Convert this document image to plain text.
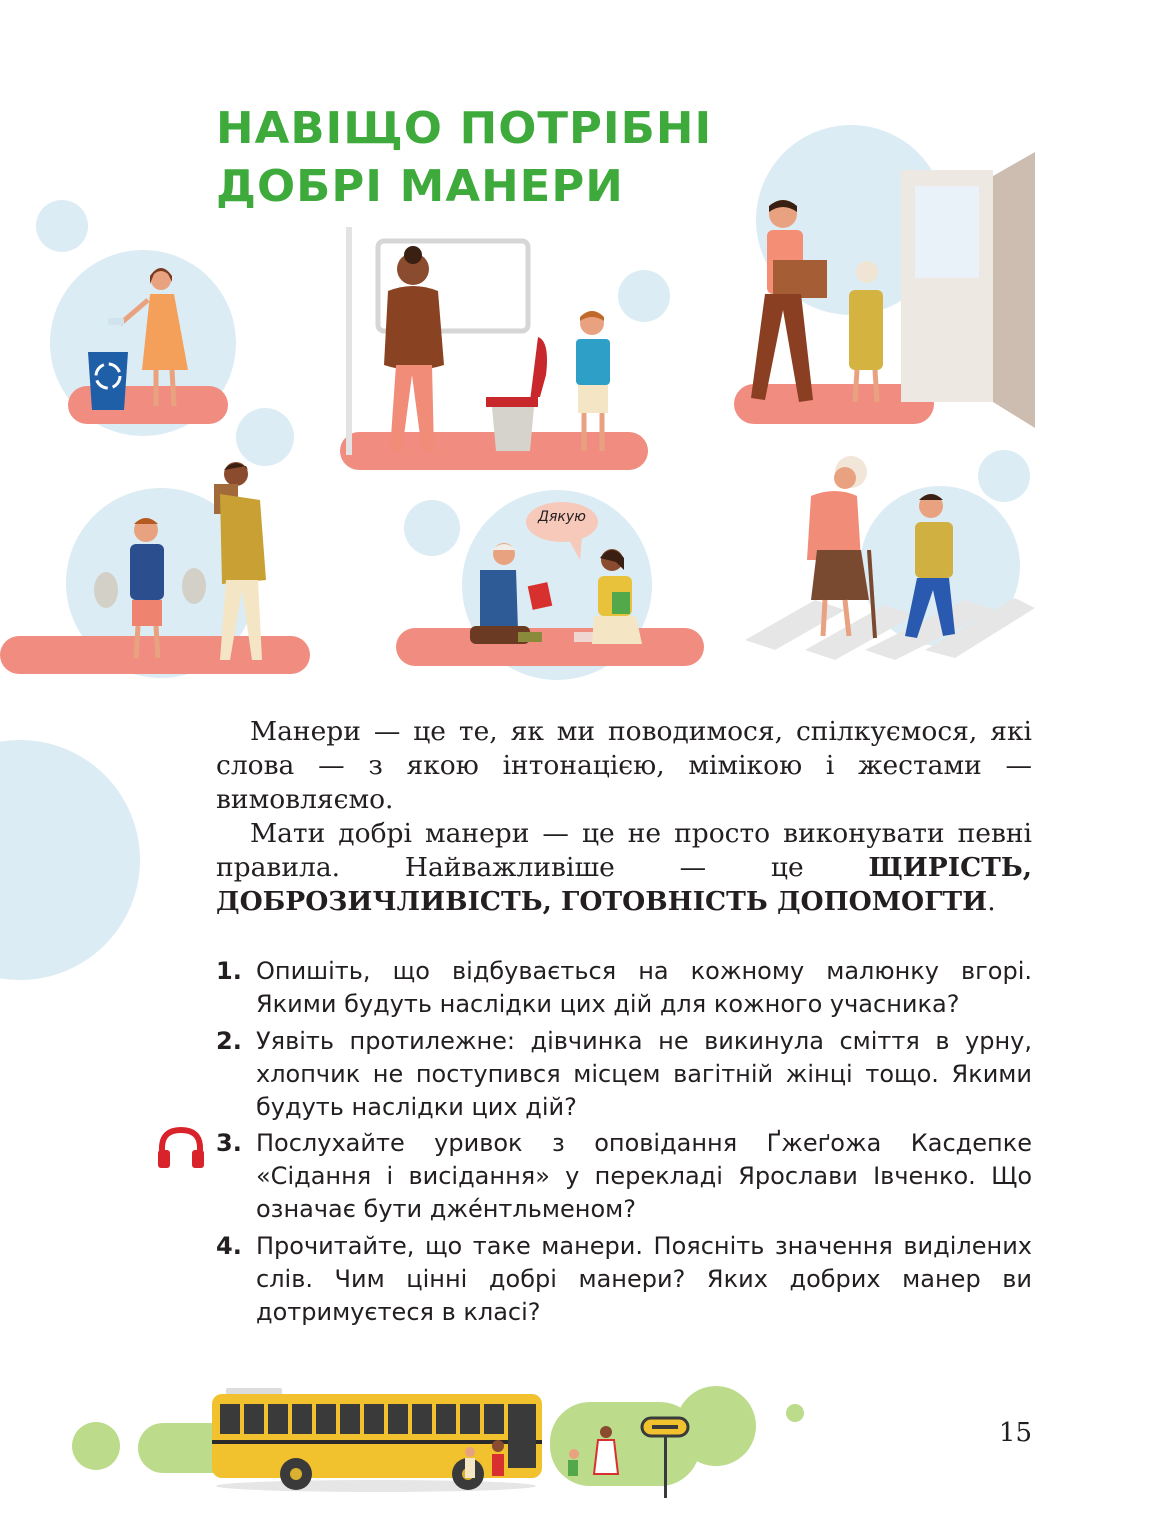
НАВІЩО ПОТРІБНІ
ДОБРІ МАНЕРИ
Дякую

Манери — це те, як ми поводимося, спілкуємося, які слова — з якою інтонацією, мімікою і жестами — вимовляємо.

Мати добрі манери — це не просто виконувати певні правила. Найважливіше — це ЩИРІСТЬ, ДОБРОЗИЧЛИВІСТЬ, ГОТОВНІСТЬ ДОПОМОГТИ.

1. Опишіть, що відбувається на кожному малюнку вгорі. Якими будуть наслідки цих дій для кожного учасника?
2. Уявіть протилежне: дівчинка не викинула сміття в урну, хлопчик не поступився місцем вагітній жінці тощо. Якими будуть наслідки цих дій?
3. Послухайте уривок з оповідання Ґжеґожа Касдепке «Сідання і висідання» у перекладі Ярослави Івченко. Що означає бути джéнтльменом?
4. Прочитайте, що таке манери. Поясніть значення виділених слів. Чим цінні добрі манери? Яких добрих манер ви дотримуєтеся в класі?
15
